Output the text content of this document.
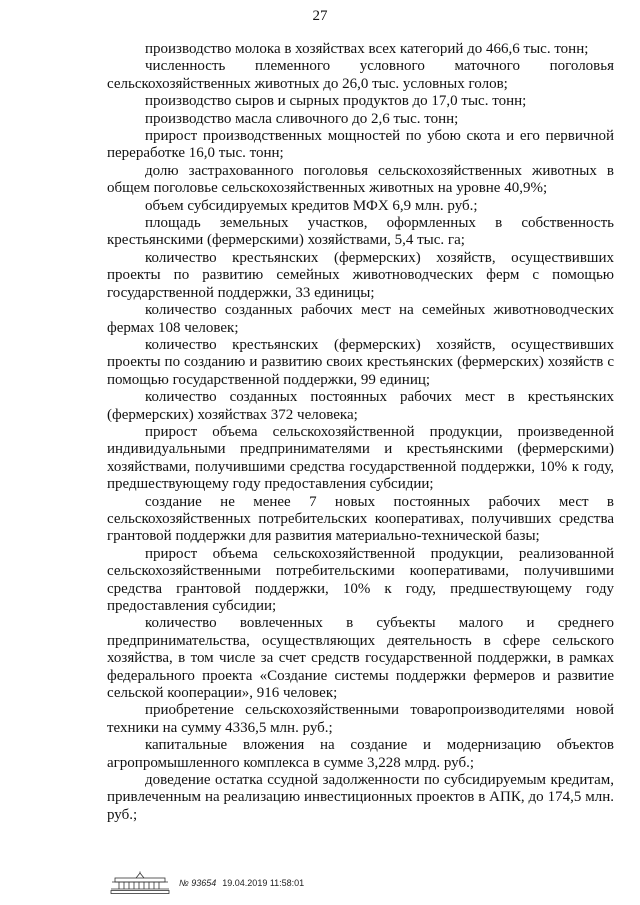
27

производство молока в хозяйствах всех категорий до 466,6 тыс. тонн;

численность племенного условного маточного поголовья сельскохозяйственных животных до 26,0 тыс. условных голов;

производство сыров и сырных продуктов до 17,0 тыс. тонн;

производство масла сливочного до 2,6 тыс. тонн;

прирост производственных мощностей по убою скота и его первичной переработке 16,0 тыс. тонн;

долю застрахованного поголовья сельскохозяйственных животных в общем поголовье сельскохозяйственных животных на уровне 40,9%;

объем субсидируемых кредитов МФХ 6,9 млн. руб.;

площадь земельных участков, оформленных в собственность крестьянскими (фермерскими) хозяйствами, 5,4 тыс. га;

количество крестьянских (фермерских) хозяйств, осуществивших проекты по развитию семейных животноводческих ферм с помощью государственной поддержки, 33 единицы;

количество созданных рабочих мест на семейных животноводческих фермах 108 человек;

количество крестьянских (фермерских) хозяйств, осуществивших проекты по созданию и развитию своих крестьянских (фермерских) хозяйств с помощью государственной поддержки, 99 единиц;

количество созданных постоянных рабочих мест в крестьянских (фермерских) хозяйствах 372 человека;

прирост объема сельскохозяйственной продукции, произведенной индивидуальными предпринимателями и крестьянскими (фермерскими) хозяйствами, получившими средства государственной поддержки, 10% к году, предшествующему году предоставления субсидии;

создание не менее 7 новых постоянных рабочих мест в сельскохозяйственных потребительских кооперативах, получивших средства грантовой поддержки для развития материально-технической базы;

прирост объема сельскохозяйственной продукции, реализованной сельскохозяйственными потребительскими кооперативами, получившими средства грантовой поддержки, 10% к году, предшествующему году предоставления субсидии;

количество вовлеченных в субъекты малого и среднего предпринимательства, осуществляющих деятельность в сфере сельского хозяйства, в том числе за счет средств государственной поддержки, в рамках федерального проекта «Создание системы поддержки фермеров и развитие сельской кооперации», 916 человек;

приобретение сельскохозяйственными товаропроизводителями новой техники на сумму 4336,5 млн. руб.;

капитальные вложения на создание и модернизацию объектов агропромышленного комплекса в сумме 3,228 млрд. руб.;

доведение остатка ссудной задолженности по субсидируемым кредитам, привлеченным на реализацию инвестиционных проектов в АПК, до 174,5 млн. руб.;

№ 93654 19.04.2019 11:58:01
